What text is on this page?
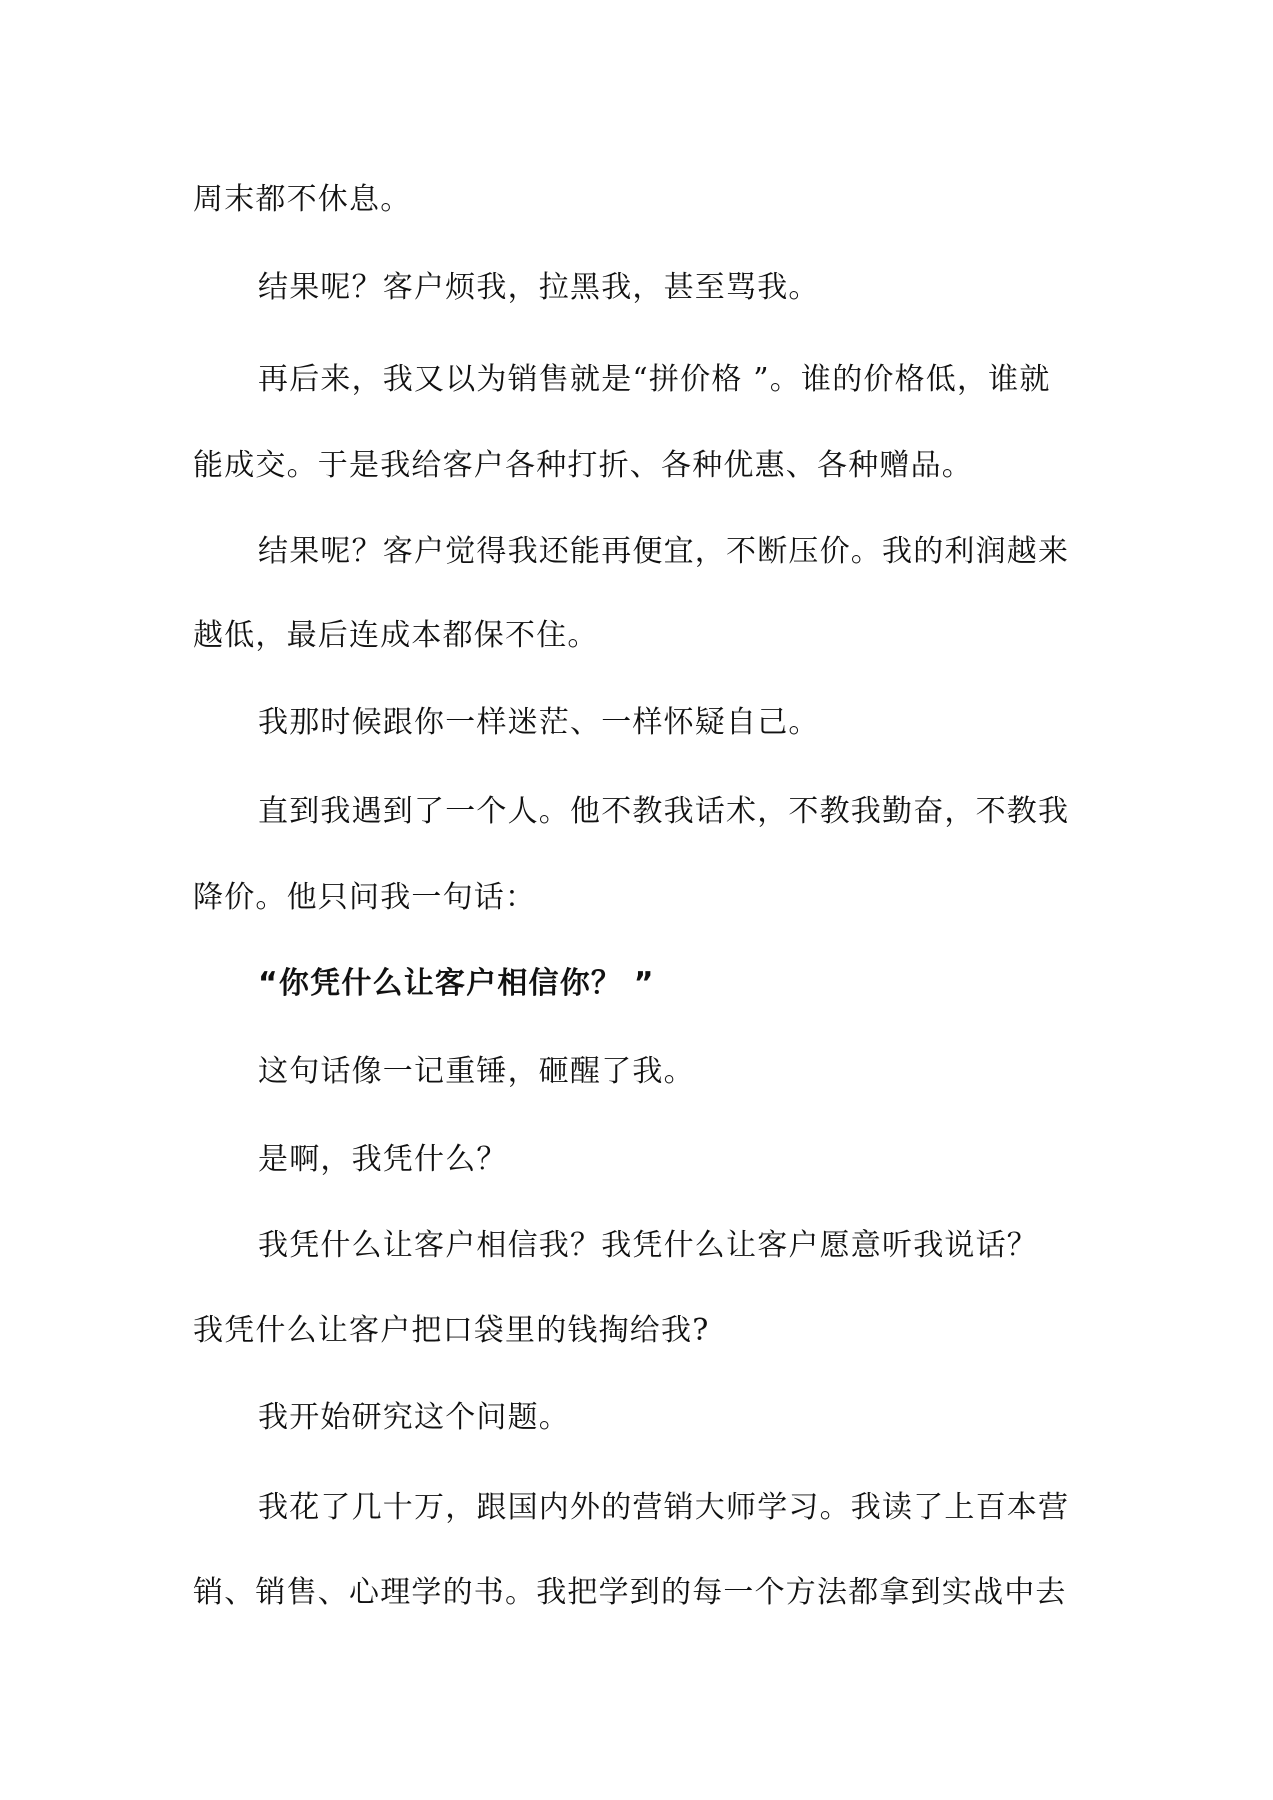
周末都不休息。
结果呢？客户烦我，拉黑我，甚至骂我。
再后来，我又以为销售就是“拼价格 ”。谁的价格低，谁就
能成交。于是我给客户各种打折、各种优惠、各种赠品。
结果呢？客户觉得我还能再便宜，不断压价。我的利润越来
越低，最后连成本都保不住。
我那时候跟你一样迷茫、一样怀疑自己。
直到我遇到了一个人。他不教我话术，不教我勤奋，不教我
降价。他只问我一句话：
“你凭什么让客户相信你？ ”
这句话像一记重锤，砸醒了我。
是啊，我凭什么？
我凭什么让客户相信我？我凭什么让客户愿意听我说话？
我凭什么让客户把口袋里的钱掏给我?
我开始研究这个问题。
我花了几十万，跟国内外的营销大师学习。我读了上百本营
销、销售、心理学的书。我把学到的每一个方法都拿到实战中去
